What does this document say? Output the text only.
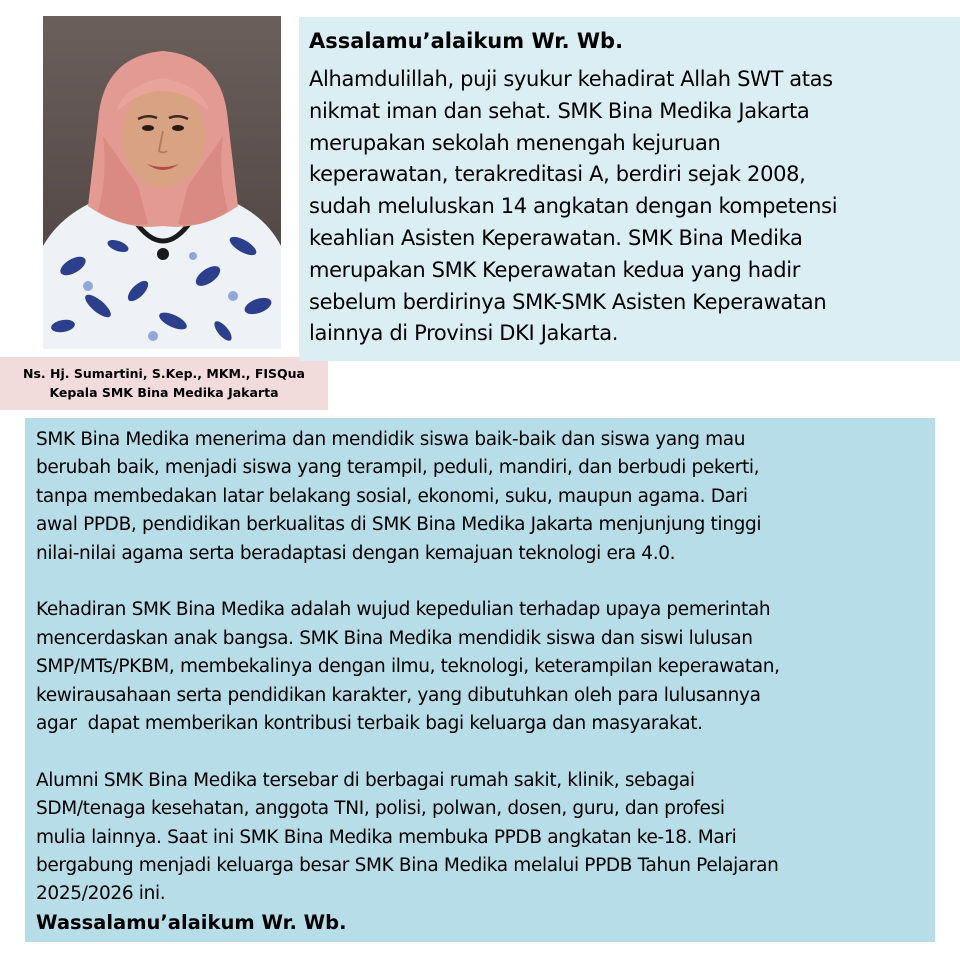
Ns. Hj. Sumartini, S.Kep., MKM., FISQua
Kepala SMK Bina Medika Jakarta
Assalamu’alaikum Wr. Wb.

Alhamdulillah, puji syukur kehadirat Allah SWT atas
nikmat iman dan sehat. SMK Bina Medika Jakarta
merupakan sekolah menengah kejuruan
keperawatan, terakreditasi A, berdiri sejak 2008,
sudah meluluskan 14 angkatan dengan kompetensi
keahlian Asisten Keperawatan. SMK Bina Medika
merupakan SMK Keperawatan kedua yang hadir
sebelum berdirinya SMK-SMK Asisten Keperawatan
lainnya di Provinsi DKI Jakarta.

SMK Bina Medika menerima dan mendidik siswa baik-baik dan siswa yang mau
berubah baik, menjadi siswa yang terampil, peduli, mandiri, dan berbudi pekerti,
tanpa membedakan latar belakang sosial, ekonomi, suku, maupun agama. Dari
awal PPDB, pendidikan berkualitas di SMK Bina Medika Jakarta menjunjung tinggi
nilai-nilai agama serta beradaptasi dengan kemajuan teknologi era 4.0.

Kehadiran SMK Bina Medika adalah wujud kepedulian terhadap upaya pemerintah
mencerdaskan anak bangsa. SMK Bina Medika mendidik siswa dan siswi lulusan
SMP/MTs/PKBM, membekalinya dengan ilmu, teknologi, keterampilan keperawatan,
kewirausahaan serta pendidikan karakter, yang dibutuhkan oleh para lulusannya
agar  dapat memberikan kontribusi terbaik bagi keluarga dan masyarakat.

Alumni SMK Bina Medika tersebar di berbagai rumah sakit, klinik, sebagai
SDM/tenaga kesehatan, anggota TNI, polisi, polwan, dosen, guru, dan profesi
mulia lainnya. Saat ini SMK Bina Medika membuka PPDB angkatan ke-18. Mari
bergabung menjadi keluarga besar SMK Bina Medika melalui PPDB Tahun Pelajaran
2025/2026 ini.

Wassalamu’alaikum Wr. Wb.
